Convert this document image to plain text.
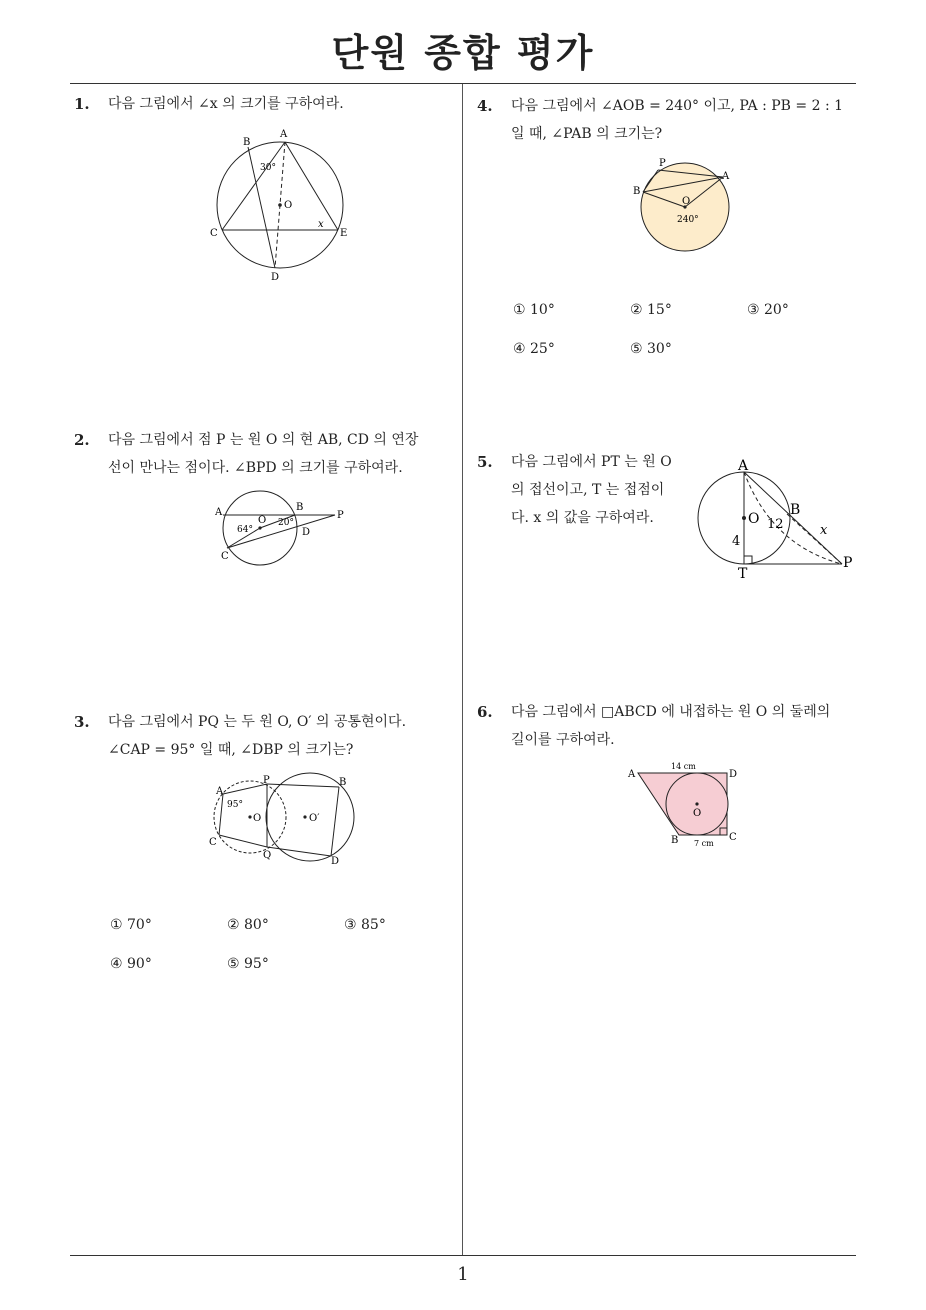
단원 종합 평가
1
1. 다음 그림에서 ∠x 의 크기를 구하여라.
A
B
C
D
E
O
30°
x
2. 다음 그림에서 점 P 는 원 O 의 현 AB, CD 의 연장
선이 만나는 점이다. ∠BPD 의 크기를 구하여라.
A	B
C
D
O	P
64°
20°
3. 다음 그림에서 PQ 는 두 원 O, O′ 의 공통현이다.
∠CAP = 95° 일 때, ∠DBP 의 크기는?
A
B
C
D
P
Q
O	O′
95°
① 70°	② 80°	③ 85°
④ 90°	⑤ 95°
4. 다음 그림에서 ∠AOB = 240° 이고, PA : PB = 2 : 1
일 때, ∠PAB 의 크기는?
P
A
B
O
240°
① 10°	② 15°	③ 20°
④ 25°	⑤ 30°
5. 다음 그림에서 PT 는 원 O
의 접선이고, T 는 접점이
다. x 의 값을 구하여라.
A
B
O
T
P
12
4
x
6. 다음 그림에서 □ABCD 에 내접하는 원 O 의 둘레의
길이를 구하여라.
A
B	C
D
O
14 cm
7 cm
